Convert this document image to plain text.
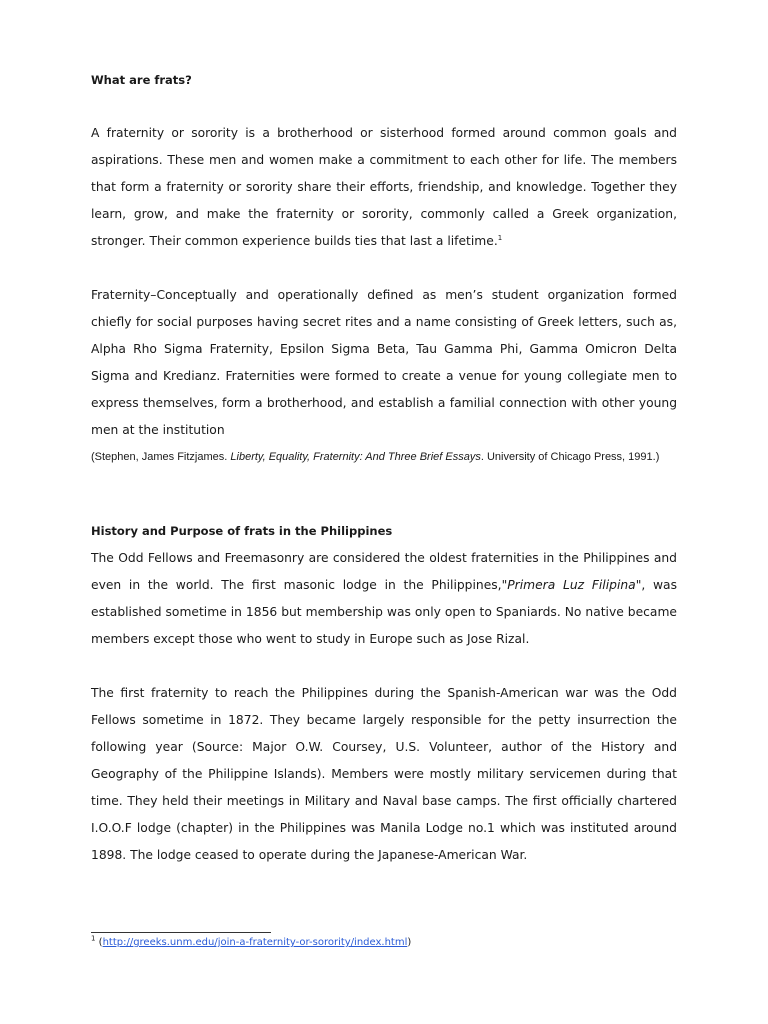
What are frats?

A fraternity or sorority is a brotherhood or sisterhood formed around common goals and aspirations. These men and women make a commitment to each other for life. The members that form a fraternity or sorority share their efforts, friendship, and knowledge. Together they learn, grow, and make the fraternity or sorority, commonly called a Greek organization, stronger. Their common experience builds ties that last a lifetime.$^1$

Fraternity–Conceptually and operationally defined as men’s student organization formed chiefly for social purposes having secret rites and a name consisting of Greek letters, such as, Alpha Rho Sigma Fraternity, Epsilon Sigma Beta, Tau Gamma Phi, Gamma Omicron Delta Sigma and Kredianz. Fraternities were formed to create a venue for young collegiate men to express themselves, form a brotherhood, and establish a familial connection with other young men at the institution

(Stephen, James Fitzjames. Liberty, Equality, Fraternity: And Three Brief Essays. University of Chicago Press, 1991.)

History and Purpose of frats in the Philippines

The Odd Fellows and Freemasonry are considered the oldest fraternities in the Philippines and even in the world. The first masonic lodge in the Philippines,"Primera Luz Filipina", was established sometime in 1856 but membership was only open to Spaniards. No native became members except those who went to study in Europe such as Jose Rizal.

The first fraternity to reach the Philippines during the Spanish-American war was the Odd Fellows sometime in 1872. They became largely responsible for the petty insurrection the following year (Source: Major O.W. Coursey, U.S. Volunteer, author of the History and Geography of the Philippine Islands). Members were mostly military servicemen during that time. They held their meetings in Military and Naval base camps. The first officially chartered I.O.O.F lodge (chapter) in the Philippines was Manila Lodge no.1 which was instituted around 1898. The lodge ceased to operate during the Japanese-American War.

$^1$ (http://greeks.unm.edu/join-a-fraternity-or-sorority/index.html)
